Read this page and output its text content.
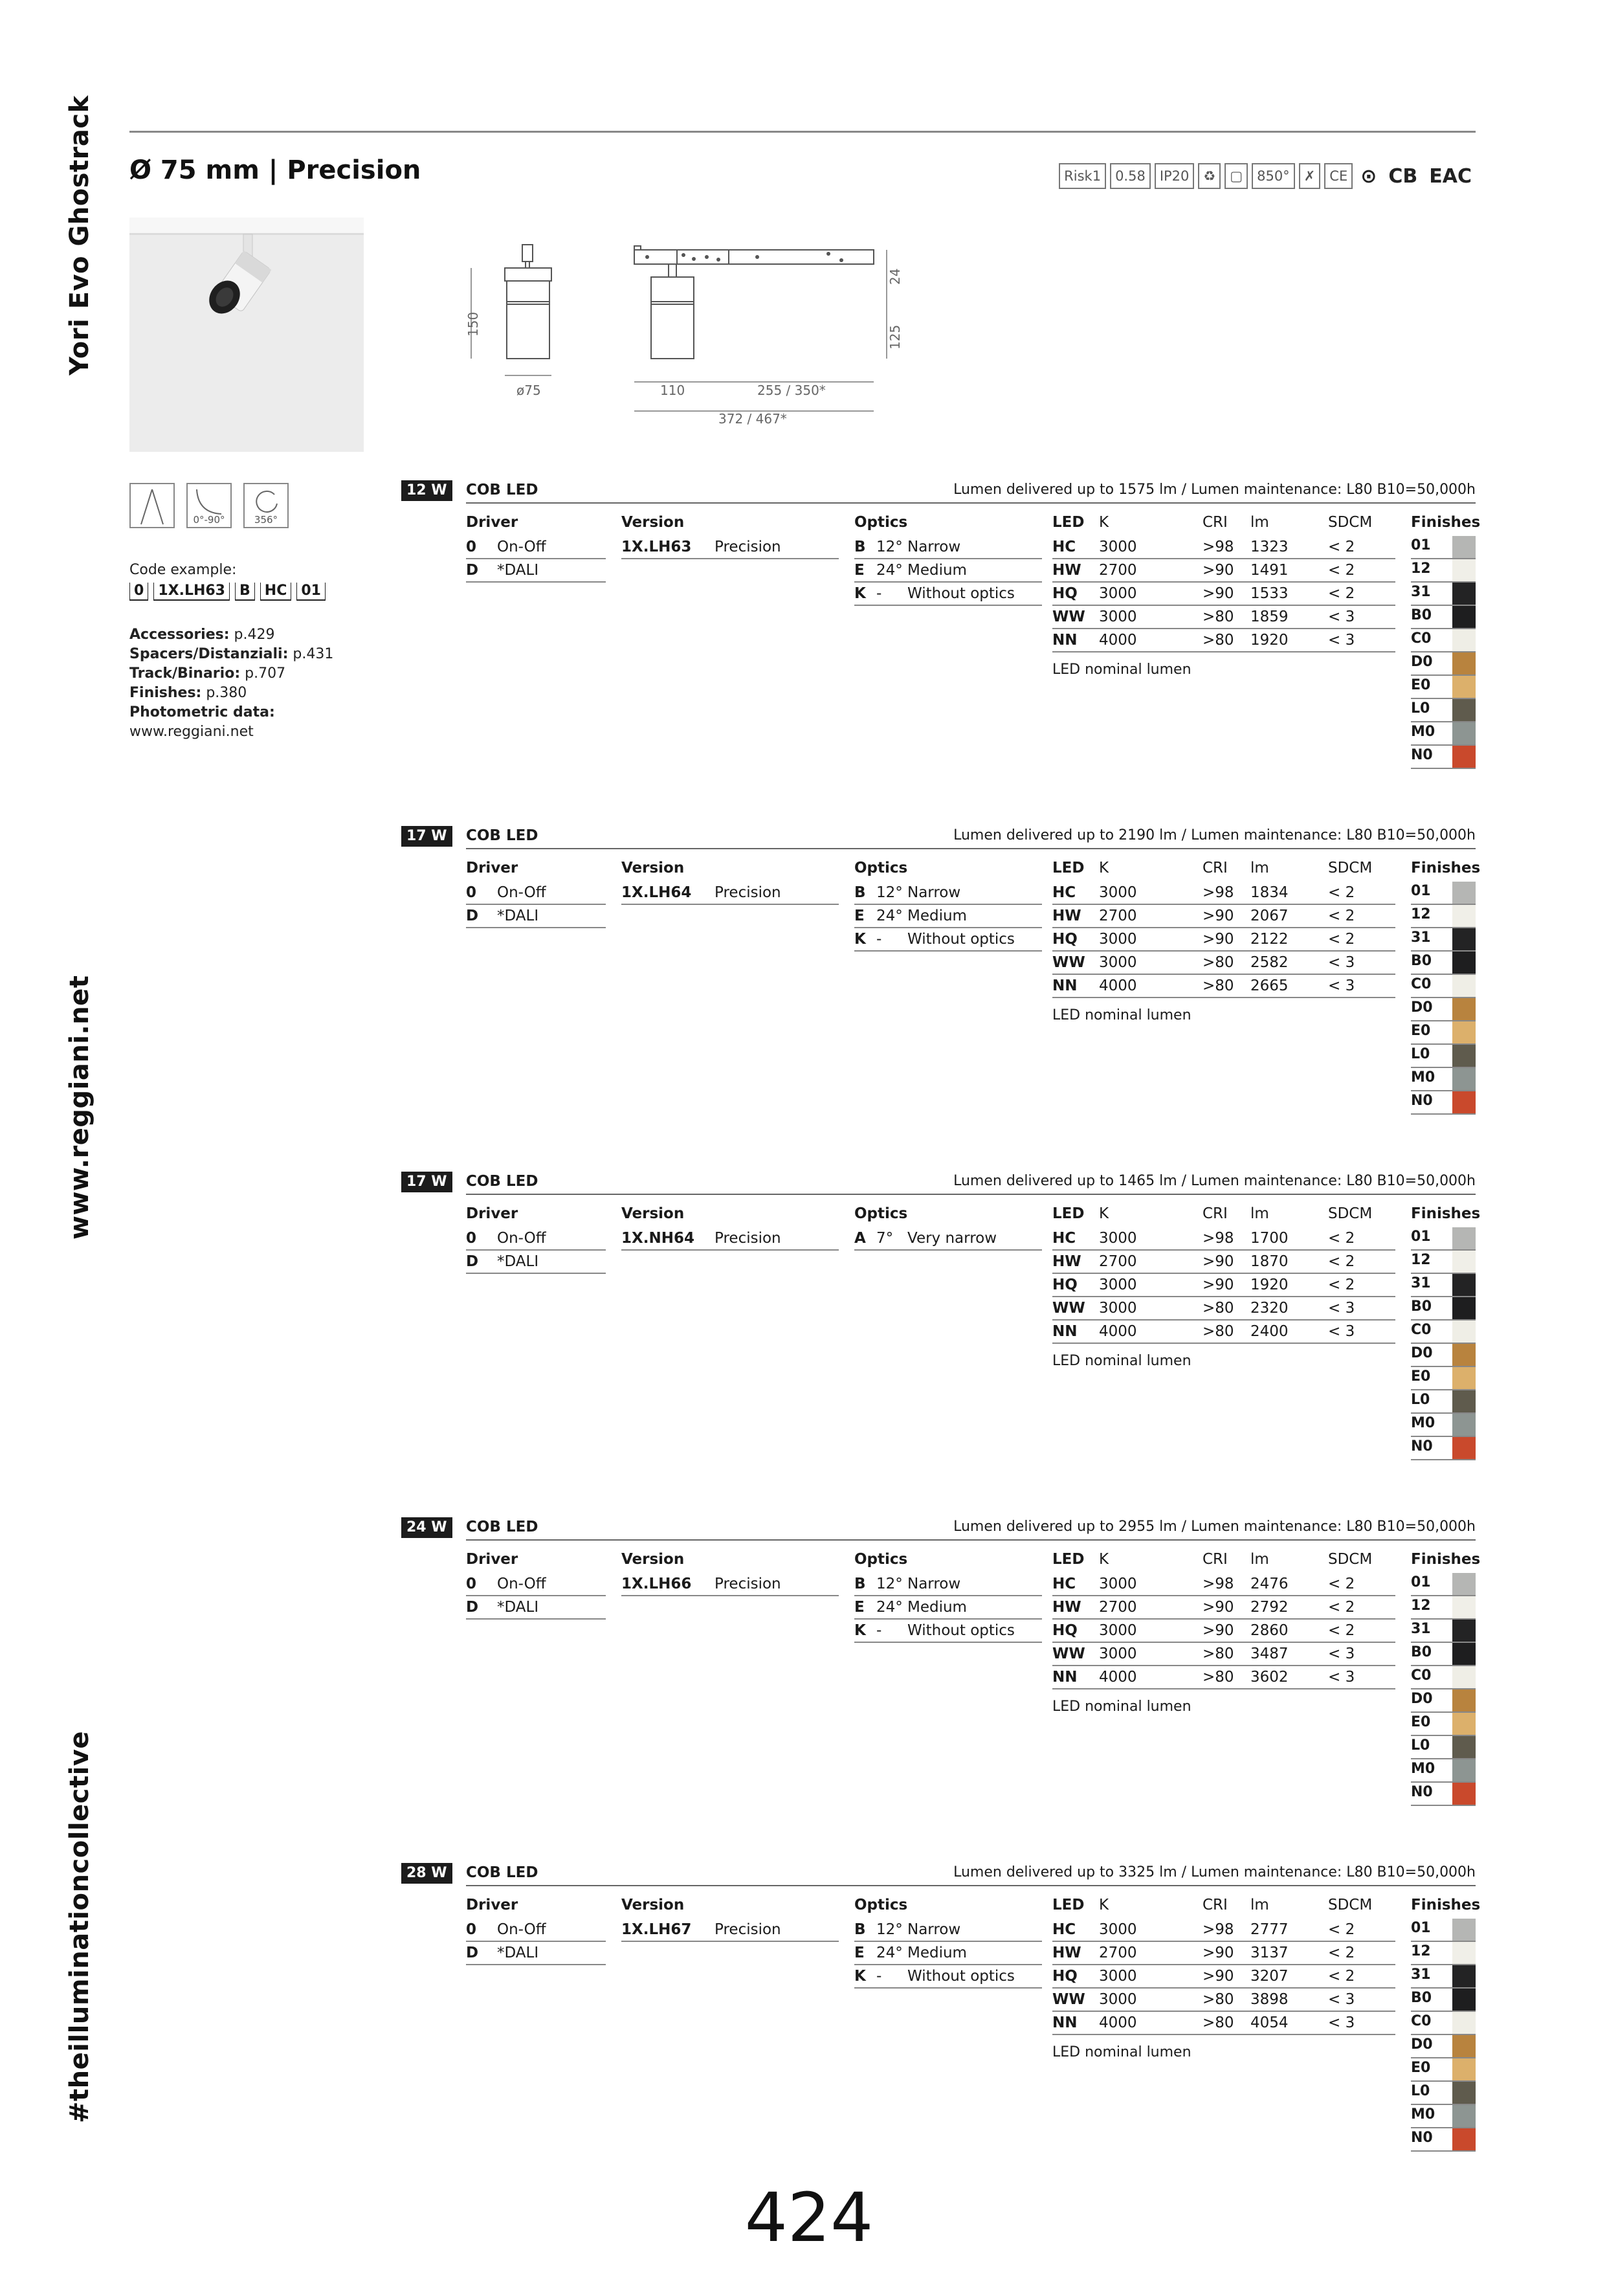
Yori Evo Ghostrack
www.reggiani.net
#theilluminationcollective
Ø 75 mm | Precision	Risk1	0.58	IP20	♻	▢	850°	✗	CE ⊙ CB EAC
150
ø75	110	255 / 350*
372 / 467*
24
125
0°-90°	356°
Code example:
0 1X.LH63 B HC 01
Accessories: p.429
Spacers/Distanziali: p.431
Track/Binario: p.707
Finishes: p.380
Photometric data:
www.reggiani.net
12 W	COB LED	Lumen delivered up to 1575 lm / Lumen maintenance: L80 B10=50,000h
Driver	Version	Optics	LED K	CRI lm	SDCM	Finishes
0 On-Off
D *DALI
1X.LH63 Precision	B 12° Narrow
E 24° Medium
K - Without optics
HC 3000	>98 1323	< 2
HW 2700	>90 1491	< 2
HQ 3000	>90 1533	< 2
WW 3000	>80 1859	< 3
NN 4000	>80 1920	< 3
LED nominal lumen
01
12
31
B0
C0
D0
E0
L0
M0
N0
17 W	COB LED	Lumen delivered up to 2190 lm / Lumen maintenance: L80 B10=50,000h
Driver	Version	Optics	LED K	CRI lm	SDCM	Finishes
0 On-Off
D *DALI
1X.LH64 Precision	B 12° Narrow
E 24° Medium
K - Without optics
HC 3000	>98 1834	< 2
HW 2700	>90 2067	< 2
HQ 3000	>90 2122	< 2
WW 3000	>80 2582	< 3
NN 4000	>80 2665	< 3
LED nominal lumen
01
12
31
B0
C0
D0
E0
L0
M0
N0
17 W	COB LED	Lumen delivered up to 1465 lm / Lumen maintenance: L80 B10=50,000h
Driver	Version	Optics	LED K	CRI lm	SDCM	Finishes
0 On-Off
D *DALI
1X.NH64 Precision	A 7° Very narrow	HC 3000	>98 1700	< 2
HW 2700	>90 1870	< 2
HQ 3000	>90 1920	< 2
WW 3000	>80 2320	< 3
NN 4000	>80 2400	< 3
LED nominal lumen
01
12
31
B0
C0
D0
E0
L0
M0
N0
24 W	COB LED	Lumen delivered up to 2955 lm / Lumen maintenance: L80 B10=50,000h
Driver	Version	Optics	LED K	CRI lm	SDCM	Finishes
0 On-Off
D *DALI
1X.LH66 Precision	B 12° Narrow
E 24° Medium
K - Without optics
HC 3000	>98 2476	< 2
HW 2700	>90 2792	< 2
HQ 3000	>90 2860	< 2
WW 3000	>80 3487	< 3
NN 4000	>80 3602	< 3
LED nominal lumen
01
12
31
B0
C0
D0
E0
L0
M0
N0
28 W	COB LED	Lumen delivered up to 3325 lm / Lumen maintenance: L80 B10=50,000h
Driver	Version	Optics	LED K	CRI lm	SDCM	Finishes
0 On-Off
D *DALI
1X.LH67 Precision	B 12° Narrow
E 24° Medium
K - Without optics
HC 3000	>98 2777	< 2
HW 2700	>90 3137	< 2
HQ 3000	>90 3207	< 2
WW 3000	>80 3898	< 3
NN 4000	>80 4054	< 3
LED nominal lumen
01
12
31
B0
C0
D0
E0
L0
M0
N0
424
